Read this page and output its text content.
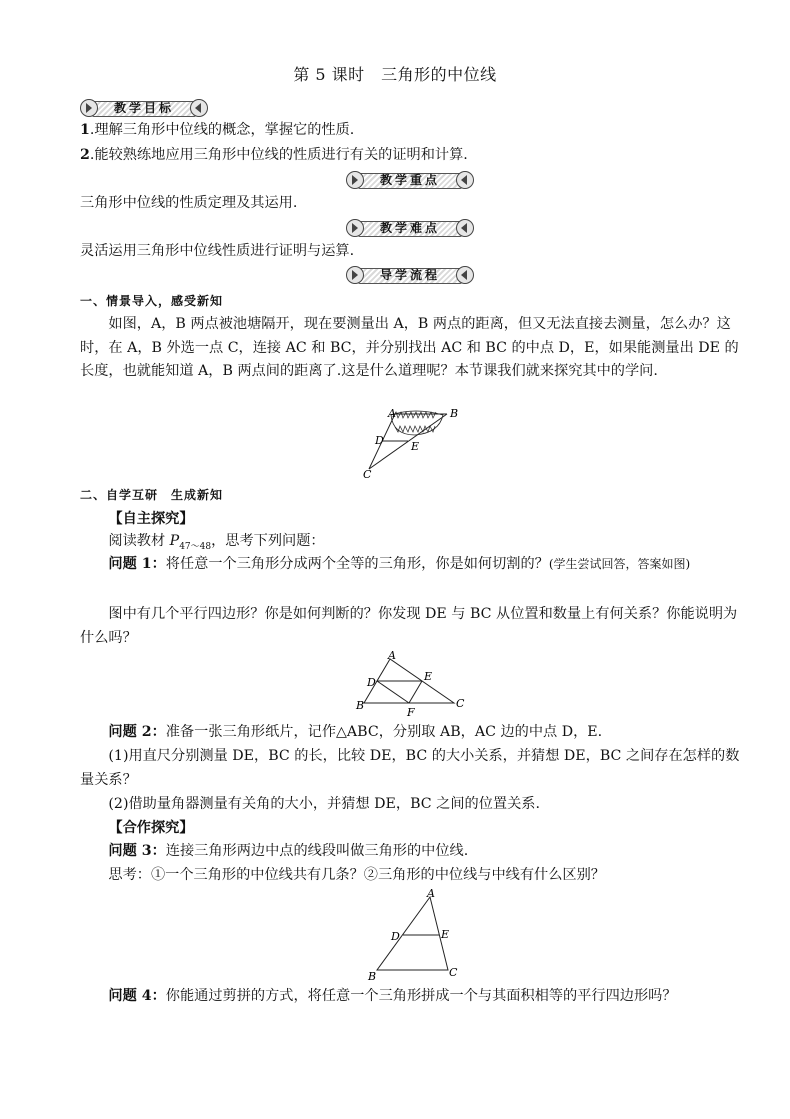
第 5 课时　三角形的中位线
教学目标
1.理解三角形中位线的概念，掌握它的性质.
2.能较熟练地应用三角形中位线的性质进行有关的证明和计算.
教学重点
三角形中位线的性质定理及其运用.
教学难点
灵活运用三角形中位线性质进行证明与运算.
导学流程
一、情景导入，感受新知
如图，A，B 两点被池塘隔开，现在要测量出 A，B 两点的距离，但又无法直接去测量，怎么办？这时，在 A，B 外选一点 C，连接 AC 和 BC，并分别找出 AC 和 BC 的中点 D，E，如果能测量出 DE 的长度，也就能知道 A，B 两点间的距离了.这是什么道理呢？本节课我们就来探究其中的学问.
A	B
D E
C
二、自学互研　生成新知
【自主探究】
阅读教材 $P_{47\sim 48}$，思考下列问题：
问题 1：将任意一个三角形分成两个全等的三角形，你是如何切割的？(学生尝试回答，答案如图)
图中有几个平行四边形？你是如何判断的？你发现 DE 与 BC 从位置和数量上有何关系？你能说明为什么吗？
A
D	E
B	C
F
问题 2：准备一张三角形纸片，记作△ABC，分别取 AB，AC 边的中点 D，E.
(1)用直尺分别测量 DE，BC 的长，比较 DE，BC 的大小关系，并猜想 DE，BC 之间存在怎样的数量关系？
(2)借助量角器测量有关角的大小，并猜想 DE，BC 之间的位置关系.
【合作探究】
问题 3：连接三角形两边中点的线段叫做三角形的中位线.
思考：①一个三角形的中位线共有几条？②三角形的中位线与中线有什么区别？
A
D	E
B	C
问题 4：你能通过剪拼的方式，将任意一个三角形拼成一个与其面积相等的平行四边形吗？
